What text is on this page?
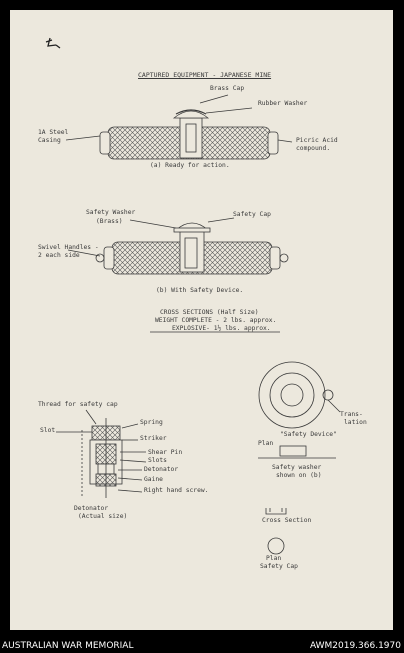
CAPTURED EQUIPMENT - JAPANESE MINE
Brass Cap
Rubber Washer
1A Steel
Casing	Picric Acid
compound.
(a) Ready for action.
Safety Washer
(Brass)
Safety Cap
Swivel Handles -
2 each side
(b) With Safety Device.
CROSS SECTIONS (Half Size)
WEIGHT COMPLETE - 2 lbs. approx.
EXPLOSIVE- 1½ lbs. approx.
Thread for safety cap
Slot
Spring
Striker
Shear Pin
Slots
Detonator
Gaine
Right hand screw.
Detonator
(Actual size)
Trans-
lation
"Safety Device"
Plan
Safety washer
shown on (b)
Cross Section
Plan
Safety Cap
AUSTRALIAN WAR MEMORIAL	AWM2019.366.1970
